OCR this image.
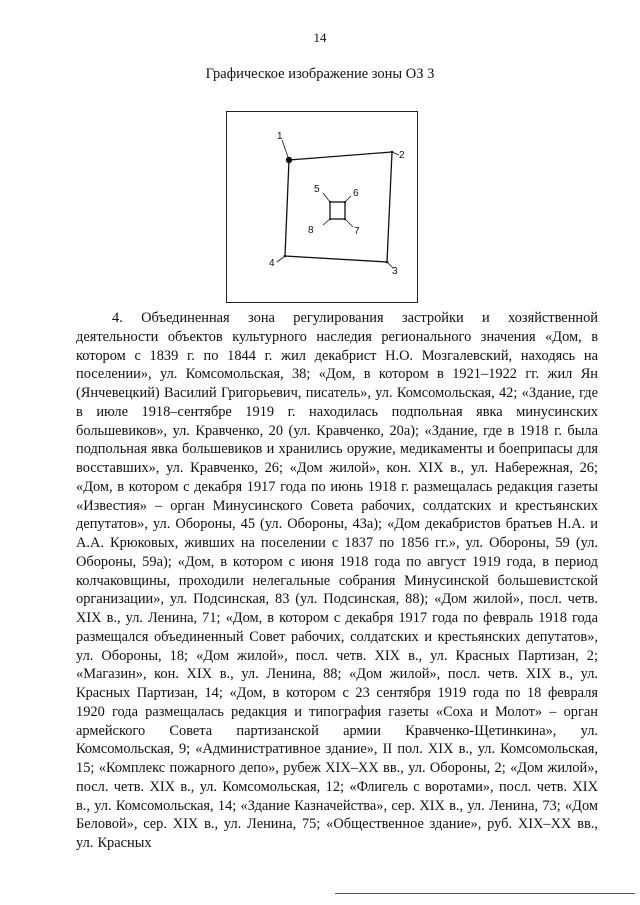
14
Графическое изображение зоны ОЗ 3
1
2
3
4
5	6
7
8

4. Объединенная зона регулирования застройки и хозяйственной деятельности объектов культурного наследия регионального значения «Дом, в котором с 1839 г. по 1844 г. жил декабрист Н.О. Мозгалевский, находясь на поселении», ул. Комсомольская, 38; «Дом, в котором в 1921–1922 гг. жил Ян (Янчевецкий) Василий Григорьевич, писатель», ул. Комсомольская, 42; «Здание, где в июле 1918–сентябре 1919 г. находилась подпольная явка минусинских большевиков», ул. Кравченко, 20 (ул. Кравченко, 20а); «Здание, где в 1918 г. была подпольная явка большевиков и хранились оружие, медикаменты и боеприпасы для восставших», ул. Кравченко, 26; «Дом жилой», кон. XIX в., ул. Набережная, 26; «Дом, в котором с декабря 1917 года по июнь 1918 г. размещалась редакция газеты «Известия» – орган Минусинского Совета рабочих, солдатских и крестьянских депутатов», ул. Обороны, 45 (ул. Обороны, 43а); «Дом декабристов братьев Н.А. и А.А. Крюковых, живших на поселении с 1837 по 1856 гг.», ул. Обороны, 59 (ул. Обороны, 59а); «Дом, в котором с июня 1918 года по август 1919 года, в период колчаковщины, проходили нелегальные собрания Минусинской большевистской организации», ул. Подсинская, 83 (ул. Подсинская, 88); «Дом жилой», посл. четв. XIX в., ул. Ленина, 71; «Дом, в котором с декабря 1917 года по февраль 1918 года размещался объединенный Совет рабочих, солдатских и крестьянских депутатов», ул. Обороны, 18; «Дом жилой», посл. четв. XIX в., ул. Красных Партизан, 2; «Магазин», кон. XIX в., ул. Ленина, 88; «Дом жилой», посл. четв. XIX в., ул. Красных Партизан, 14; «Дом, в котором с 23 сентября 1919 года по 18 февраля 1920 года размещалась редакция и типография газеты «Соха и Молот» – орган армейского Совета партизанской армии Кравченко-Щетинкина», ул. Комсомольская, 9; «Административное здание», II пол. XIX в., ул. Комсомольская, 15; «Комплекс пожарного депо», рубеж XIX–XX вв., ул. Обороны, 2; «Дом жилой», посл. четв. XIX в., ул. Комсомольская, 12; «Флигель с воротами», посл. четв. XIX в., ул. Комсомольская, 14; «Здание Казначейства», сер. XIX в., ул. Ленина, 73; «Дом Беловой», сер. XIX в., ул. Ленина, 75; «Общественное здание», руб. XIX–XX вв., ул. Красных
